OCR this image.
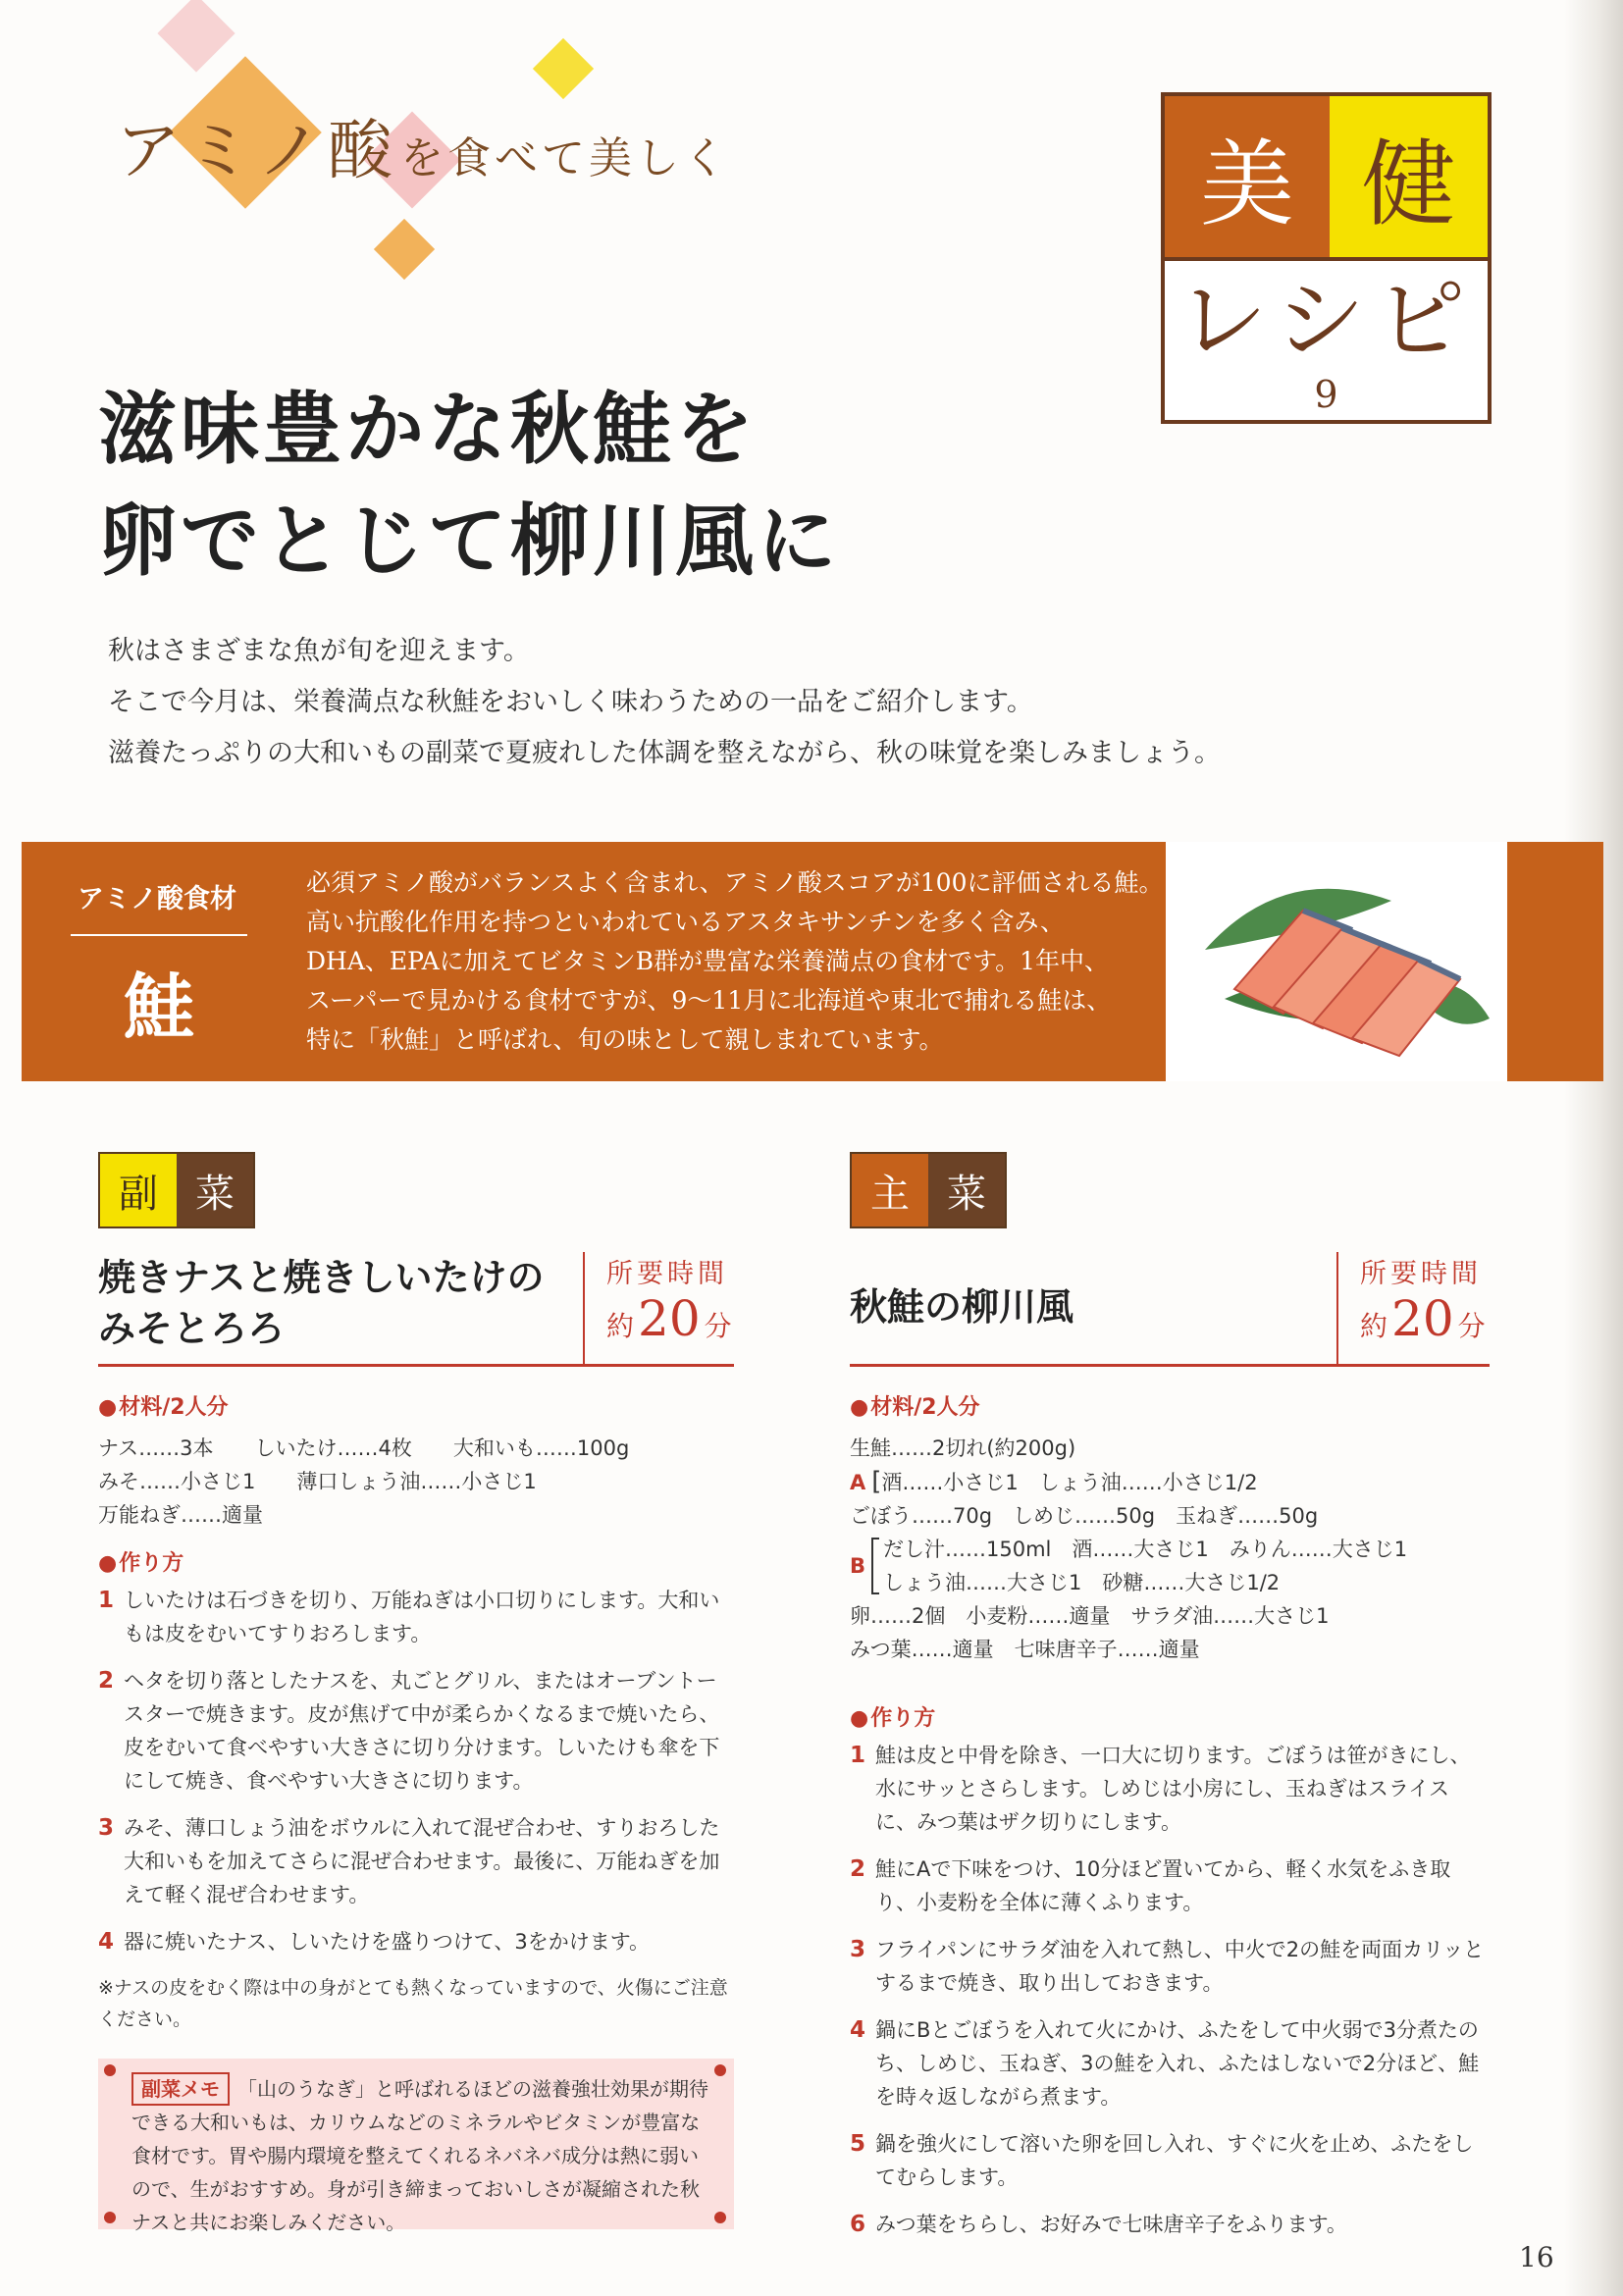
アミノ酸 を食べて美しく	美 健
レシピ
9
滋味豊かな秋鮭を
卵でとじて柳川風に
秋はさまざまな魚が旬を迎えます。
そこで今月は、栄養満点な秋鮭をおいしく味わうための一品をご紹介します。
滋養たっぷりの大和いもの副菜で夏疲れした体調を整えながら、秋の味覚を楽しみましょう。
アミノ酸食材
鮭
必須アミノ酸がバランスよく含まれ、アミノ酸スコアが100に評価される鮭。
高い抗酸化作用を持つといわれているアスタキサンチンを多く含み、
DHA、EPAに加えてビタミンB群が豊富な栄養満点の食材です。1年中、
スーパーで見かける食材ですが、9～11月に北海道や東北で捕れる鮭は、
特に「秋鮭」と呼ばれ、旬の味として親しまれています。
副 菜
焼きナスと焼きしいたけの
みそとろろ
所要時間
約20 分
● 材料/2人分
ナス……3本　　しいたけ……4枚　　大和いも……100g
みそ……小さじ1　　薄口しょう油……小さじ1
万能ねぎ……適量
● 作り方
1 しいたけは石づきを切り、万能ねぎは小口切りにします。大和いもは皮をむいてすりおろします。
2 ヘタを切り落としたナスを、丸ごとグリル、またはオーブントースターで焼きます。皮が焦げて中が柔らかくなるまで焼いたら、皮をむいて食べやすい大きさに切り分けます。しいたけも傘を下にして焼き、食べやすい大きさに切ります。
3 みそ、薄口しょう油をボウルに入れて混ぜ合わせ、すりおろした大和いもを加えてさらに混ぜ合わせます。最後に、万能ねぎを加えて軽く混ぜ合わせます。
4 器に焼いたナス、しいたけを盛りつけて、3をかけます。
※ナスの皮をむく際は中の身がとても熱くなっていますので、火傷にご注意ください。
副菜メモ 「山のうなぎ」と呼ばれるほどの滋養強壮効果が期待できる大和いもは、カリウムなどのミネラルやビタミンが豊富な食材です。胃や腸内環境を整えてくれるネバネバ成分は熱に弱いので、生がおすすめ。身が引き締まっておいしさが凝縮された秋ナスと共にお楽しみください。
主 菜
秋鮭の柳川風
所要時間
約20 分
● 材料/2人分
生鮭……2切れ(約200g)
A [酒……小さじ1　しょう油……小さじ1/2
ごぼう……70g　しめじ……50g　玉ねぎ……50g
B
だし汁……150ml　酒……大さじ1　みりん……大さじ1
しょう油……大さじ1　砂糖……大さじ1/2
卵……2個　小麦粉……適量　サラダ油……大さじ1
みつ葉……適量　七味唐辛子……適量
● 作り方
1 鮭は皮と中骨を除き、一口大に切ります。ごぼうは笹がきにし、水にサッとさらします。しめじは小房にし、玉ねぎはスライスに、みつ葉はザク切りにします。
2 鮭にAで下味をつけ、10分ほど置いてから、軽く水気をふき取り、小麦粉を全体に薄くふります。
3 フライパンにサラダ油を入れて熱し、中火で2の鮭を両面カリッとするまで焼き、取り出しておきます。
4 鍋にBとごぼうを入れて火にかけ、ふたをして中火弱で3分煮たのち、しめじ、玉ねぎ、3の鮭を入れ、ふたはしないで2分ほど、鮭を時々返しながら煮ます。
5 鍋を強火にして溶いた卵を回し入れ、すぐに火を止め、ふたをしてむらします。
6 みつ葉をちらし、お好みで七味唐辛子をふります。
16
